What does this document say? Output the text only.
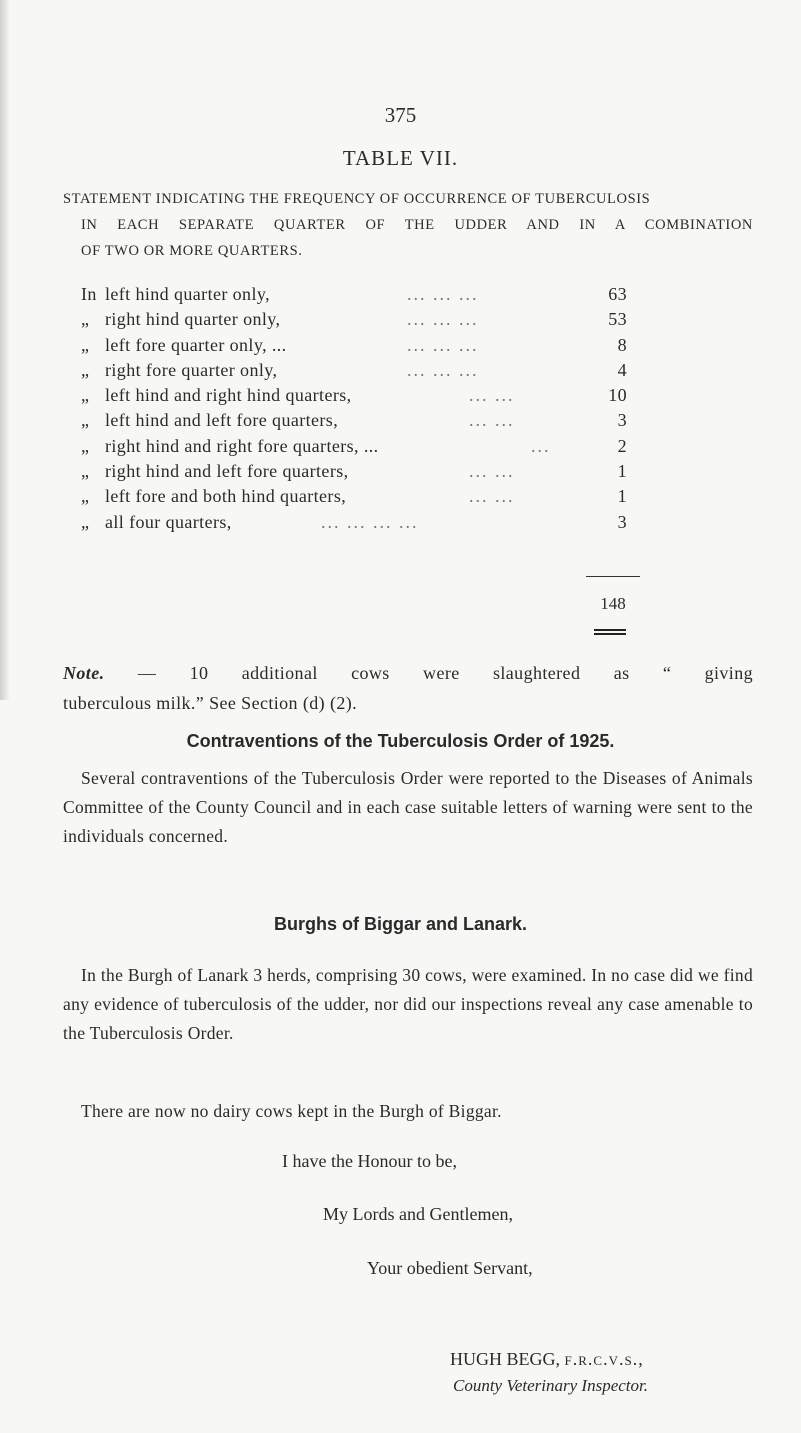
375
TABLE VII.
STATEMENT INDICATING THE FREQUENCY OF OCCURRENCE OF TUBERCULOSIS
IN EACH SEPARATE QUARTER OF THE UDDER AND IN A COMBINATION
OF TWO OR MORE QUARTERS.
In left hind quarter only,	... ... ...	63
„ right hind quarter only,	... ... ...	53
„ left fore quarter only, ...	... ... ...	8
„ right fore quarter only,	... ... ...	4
„ left hind and right hind quarters,	... ...	10
„ left hind and left fore quarters,	... ...	3
„ right hind and right fore quarters, ...	...	2
„ right hind and left fore quarters,	... ...	1
„ left fore and both hind quarters,	... ...	1
„ all four quarters,	... ... ... ...	3
148
Note. — 10 additional cows were slaughtered as “ giving
tuberculous milk.” See Section (d) (2).
Contraventions of the Tuberculosis Order of 1925.
Several contraventions of the Tuberculosis Order were reported to the Diseases of Animals Committee of the County Council and in each case suitable letters of warning were sent to the individuals concerned.
Burghs of Biggar and Lanark.
In the Burgh of Lanark 3 herds, comprising 30 cows, were examined. In no case did we find any evidence of tuberculosis of the udder, nor did our inspections reveal any case amenable to the Tuberculosis Order.
There are now no dairy cows kept in the Burgh of Biggar.
I have the Honour to be,
My Lords and Gentlemen,
Your obedient Servant,
HUGH BEGG, f.r.c.v.s.,
County Veterinary Inspector.
